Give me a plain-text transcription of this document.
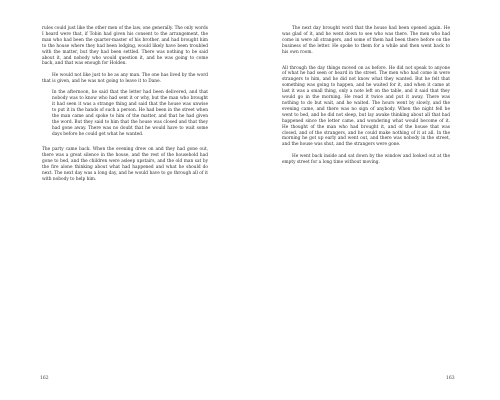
rules could just like the other men of the law, one generally. The only words I heard were that, if Tobin had given his consent to the arrangement, the man who had been the quarter-master of his brother, and had brought him to the house where they had been lodging, would likely have been troubled with the matter, but they had been settled. There was nothing to be said about it, and nobody who would question it, and he was going to come back, and that was enough for Holden.

He would not like just to be as any man. The one has lived by the word that is given, and he was not going to leave it to Dane.

In the afternoon, he said that the letter had been delivered, and that nobody was to know who had sent it or why, but the man who brought it had seen it was a strange thing and said that the house was unwise to put it in the hands of such a person. He had been in the street when the man came and spoke to him of the matter, and that he had given the word. But they said to him that the house was closed and that they had gone away. There was no doubt that he would have to wait some days before he could get what he wanted.

The party came back. When the evening drew on and they had gone out, there was a great silence in the house, and the rest of the household had gone to bed, and the children were asleep upstairs, and the old man sat by the fire alone thinking about what had happened and what he should do next. The next day was a long day, and he would have to go through all of it with nobody to help him.

The next day brought word that the house had been opened again. He was glad of it, and he went down to see who was there. The men who had come in were all strangers, and some of them had been there before on the business of the letter. He spoke to them for a while and then went back to his own room.

All through the day things moved on as before. He did not speak to anyone of what he had seen or heard in the street. The men who had come in were strangers to him, and he did not know what they wanted. But he felt that something was going to happen, and he waited for it, and when it came at last it was a small thing, only a note left on the table, and it said that they would go in the morning. He read it twice and put it away. There was nothing to do but wait, and he waited. The hours went by slowly, and the evening came, and there was no sign of anybody. When the night fell he went to bed, and he did not sleep, but lay awake thinking about all that had happened since the letter came, and wondering what would become of it. He thought of the man who had brought it, and of the house that was closed, and of the strangers, and he could make nothing of it at all. In the morning he got up early and went out, and there was nobody in the street, and the house was shut, and the strangers were gone.

He went back inside and sat down by the window and looked out at the empty street for a long time without moving.

162	163
